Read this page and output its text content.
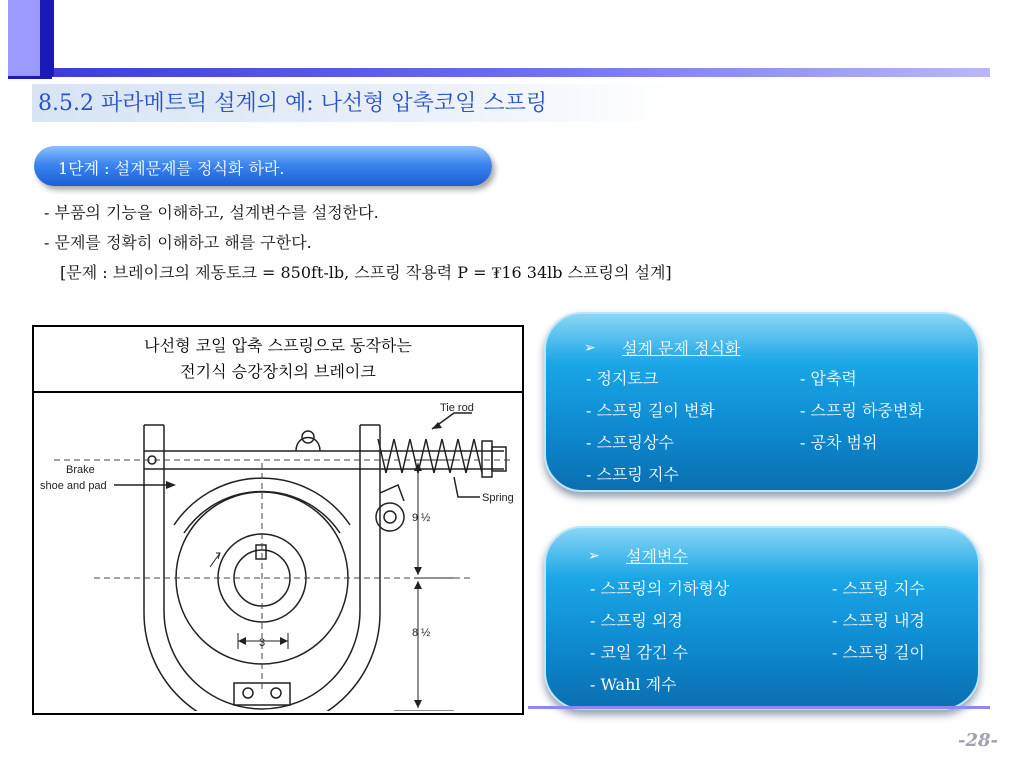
8.5.2 파라메트릭 설계의 예: 나선형 압축코일 스프링
1단계 : 설계문제를 정식화 하라.
- 부품의 기능을 이해하고, 설계변수를 설정한다.
- 문제를 정확히 이해하고 해를 구한다.
[문제 : 브레이크의 제동토크 = 850ft-lb, 스프링 작용력 P = ₮16 34lb 스프링의 설계]
나선형 코일 압축 스프링으로 동작하는
전기식 승강장치의 브레이크
Tie rod
Brake
shoe and pad
Spring
9 ½
8 ½
3
➢ 설계 문제 정식화
- 정지토크
- 스프링 길이 변화
- 스프링상수
- 스프링 지수
- 압축력
- 스프링 하중변화
- 공차 범위
➢ 설계변수
- 스프링의 기하형상
- 스프링 외경
- 코일 감긴 수
- Wahl 계수
- 스프링 지수
- 스프링 내경
- 스프링 길이
-28-
